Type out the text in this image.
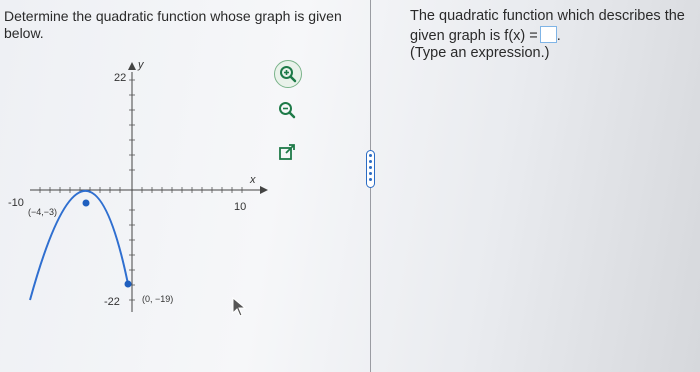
Determine the quadratic function whose graph is given below.
y
x
22
-22
-10	10
(−4,−3)
(0, −19)
The quadratic function which describes the
given graph is f(x) = .
(Type an expression.)
